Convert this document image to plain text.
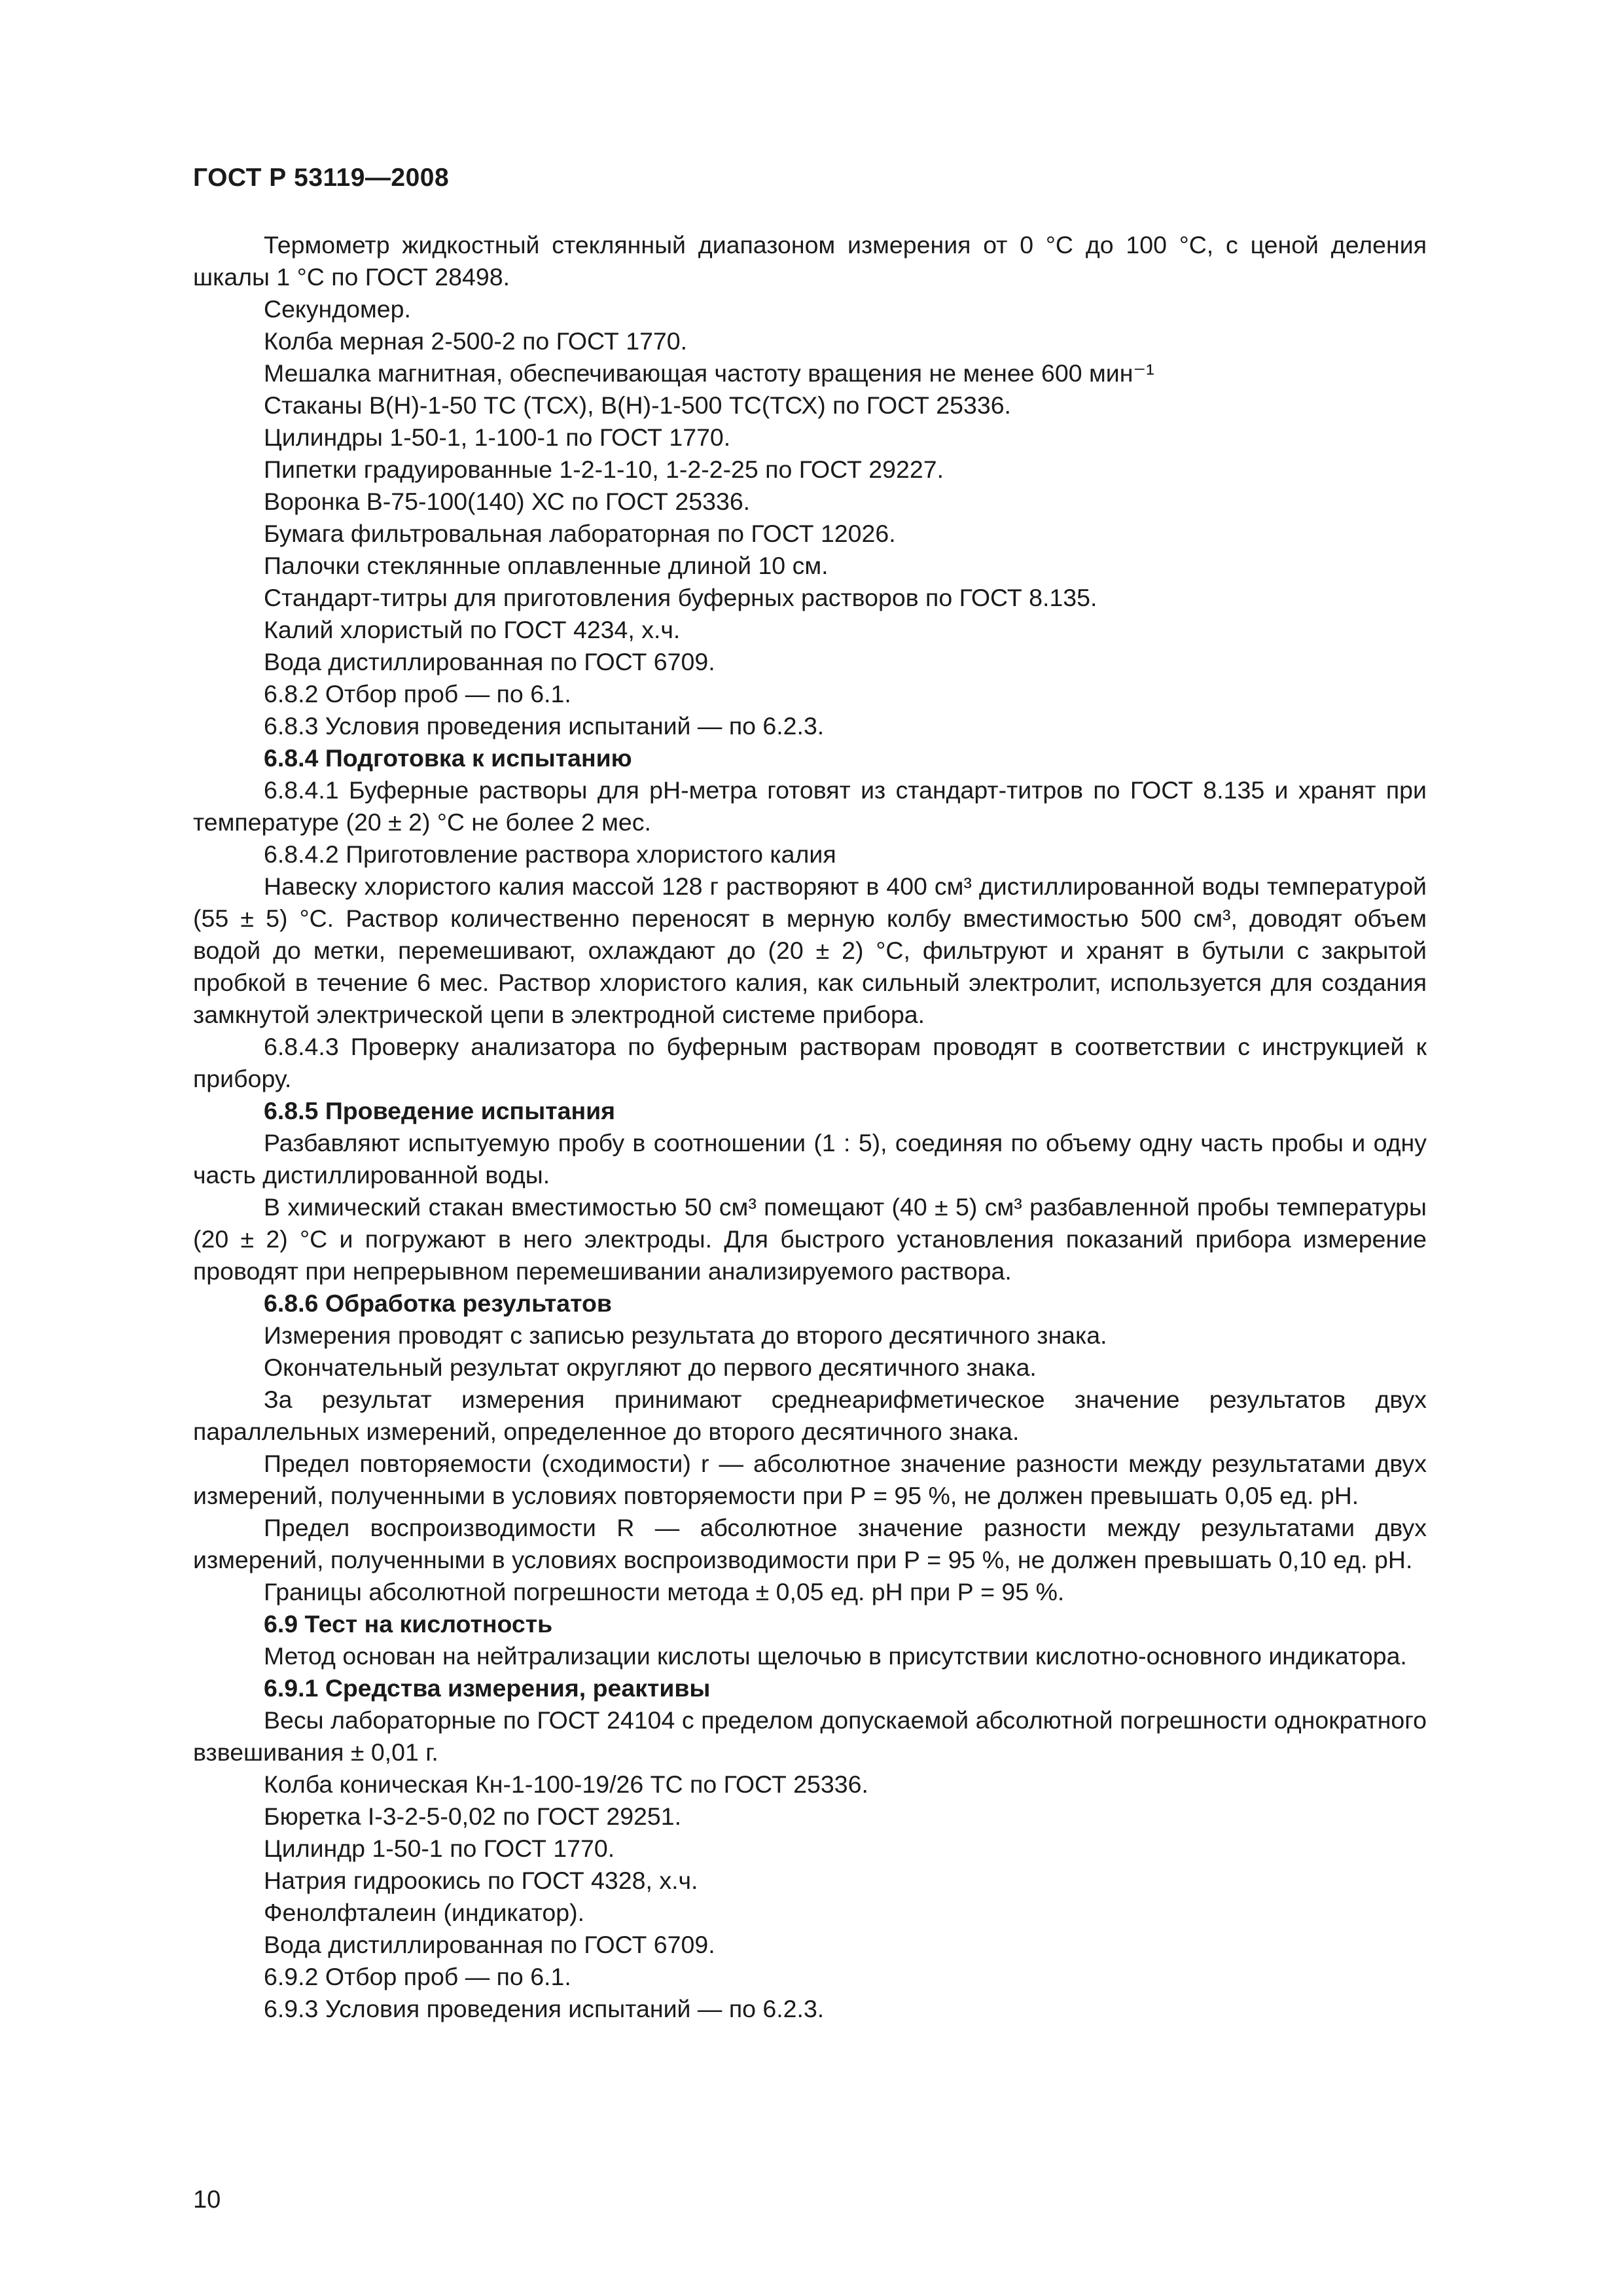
ГОСТ Р 53119—2008

Термометр жидкостный стеклянный диапазоном измерения от 0 °С до 100 °С, с ценой деления шкалы 1 °С по ГОСТ 28498.

Секундомер.

Колба мерная 2-500-2 по ГОСТ 1770.

Мешалка магнитная, обеспечивающая частоту вращения не менее 600 мин⁻¹

Стаканы В(Н)-1-50 ТС (ТСХ), В(Н)-1-500 ТС(ТСХ) по ГОСТ 25336.

Цилиндры 1-50-1, 1-100-1 по ГОСТ 1770.

Пипетки градуированные 1-2-1-10, 1-2-2-25 по ГОСТ 29227.

Воронка В-75-100(140) ХС по ГОСТ 25336.

Бумага фильтровальная лабораторная по ГОСТ 12026.

Палочки стеклянные оплавленные длиной 10 см.

Стандарт-титры для приготовления буферных растворов по ГОСТ 8.135.

Калий хлористый по ГОСТ 4234, х.ч.

Вода дистиллированная по ГОСТ 6709.

6.8.2 Отбор проб — по 6.1.

6.8.3 Условия проведения испытаний — по 6.2.3.

6.8.4 Подготовка к испытанию

6.8.4.1 Буферные растворы для рН-метра готовят из стандарт-титров по ГОСТ 8.135 и хранят при температуре (20 ± 2) °С не более 2 мес.

6.8.4.2 Приготовление раствора хлористого калия

Навеску хлористого калия массой 128 г растворяют в 400 см³ дистиллированной воды температурой (55 ± 5) °С. Раствор количественно переносят в мерную колбу вместимостью 500 см³, доводят объем водой до метки, перемешивают, охлаждают до (20 ± 2) °С, фильтруют и хранят в бутыли с закрытой пробкой в течение 6 мес. Раствор хлористого калия, как сильный электролит, используется для создания замкнутой электрической цепи в электродной системе прибора.

6.8.4.3 Проверку анализатора по буферным растворам проводят в соответствии с инструкцией к прибору.

6.8.5 Проведение испытания

Разбавляют испытуемую пробу в соотношении (1 : 5), соединяя по объему одну часть пробы и одну часть дистиллированной воды.

В химический стакан вместимостью 50 см³ помещают (40 ± 5) см³ разбавленной пробы температуры (20 ± 2) °С и погружают в него электроды. Для быстрого установления показаний прибора измерение проводят при непрерывном перемешивании анализируемого раствора.

6.8.6 Обработка результатов

Измерения проводят с записью результата до второго десятичного знака.

Окончательный результат округляют до первого десятичного знака.

За результат измерения принимают среднеарифметическое значение результатов двух параллельных измерений, определенное до второго десятичного знака.

Предел повторяемости (сходимости) r — абсолютное значение разности между результатами двух измерений, полученными в условиях повторяемости при Р = 95 %, не должен превышать 0,05 ед. рН.

Предел воспроизводимости R — абсолютное значение разности между результатами двух измерений, полученными в условиях воспроизводимости при Р = 95 %, не должен превышать 0,10 ед. рН.

Границы абсолютной погрешности метода ± 0,05 ед. рН при Р = 95 %.

6.9 Тест на кислотность

Метод основан на нейтрализации кислоты щелочью в присутствии кислотно-основного индикатора.

6.9.1 Средства измерения, реактивы

Весы лабораторные по ГОСТ 24104 с пределом допускаемой абсолютной погрешности однократного взвешивания ± 0,01 г.

Колба коническая Кн-1-100-19/26 ТС по ГОСТ 25336.

Бюретка I-3-2-5-0,02 по ГОСТ 29251.

Цилиндр 1-50-1 по ГОСТ 1770.

Натрия гидроокись по ГОСТ 4328, х.ч.

Фенолфталеин (индикатор).

Вода дистиллированная по ГОСТ 6709.

6.9.2 Отбор проб — по 6.1.

6.9.3 Условия проведения испытаний — по 6.2.3.

10
